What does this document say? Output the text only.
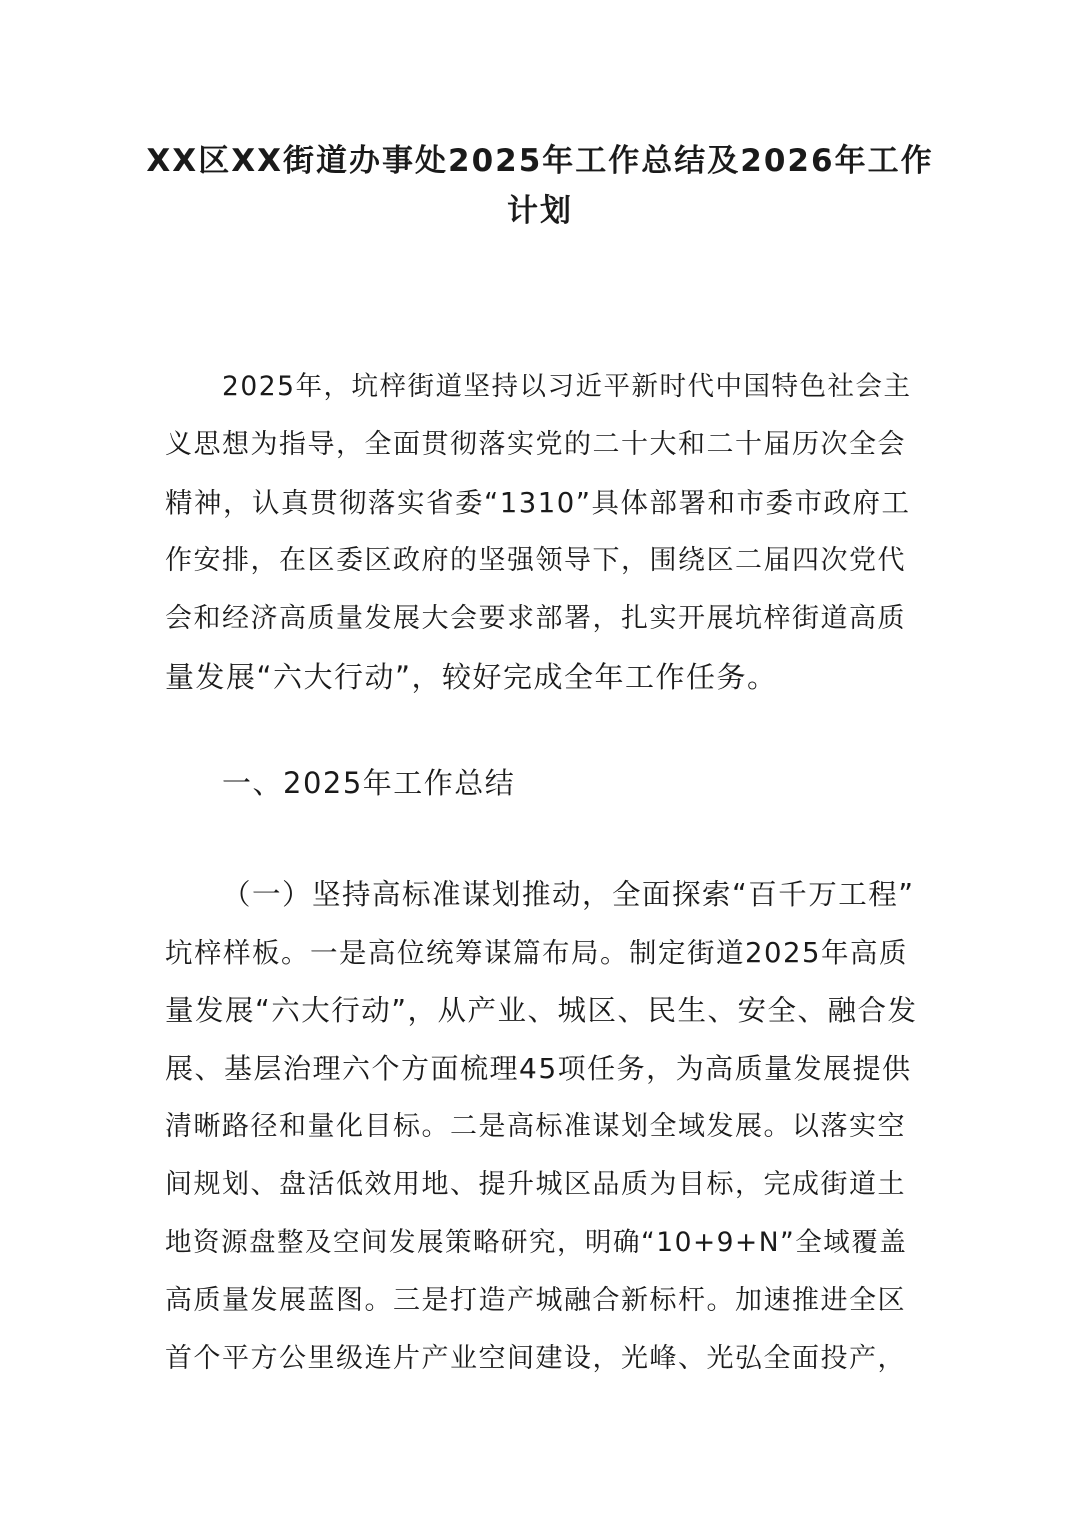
XX区XX街道办事处2025年工作总结及2026年工作
计划
2025年，坑梓街道坚持以习近平新时代中国特色社会主
义思想为指导，全面贯彻落实党的二十大和二十届历次全会
精神，认真贯彻落实省委“1310”具体部署和市委市政府工
作安排，在区委区政府的坚强领导下，围绕区二届四次党代
会和经济高质量发展大会要求部署，扎实开展坑梓街道高质
量发展“六大行动”，较好完成全年工作任务。
一、2025年工作总结
（一）坚持高标准谋划推动，全面探索“百千万工程”
坑梓样板。一是高位统筹谋篇布局。制定街道2025年高质
量发展“六大行动”，从产业、城区、民生、安全、融合发
展、基层治理六个方面梳理45项任务，为高质量发展提供
清晰路径和量化目标。二是高标准谋划全域发展。以落实空
间规划、盘活低效用地、提升城区品质为目标，完成街道土
地资源盘整及空间发展策略研究，明确“10+9+N”全域覆盖
高质量发展蓝图。三是打造产城融合新标杆。加速推进全区
首个平方公里级连片产业空间建设，光峰、光弘全面投产，
